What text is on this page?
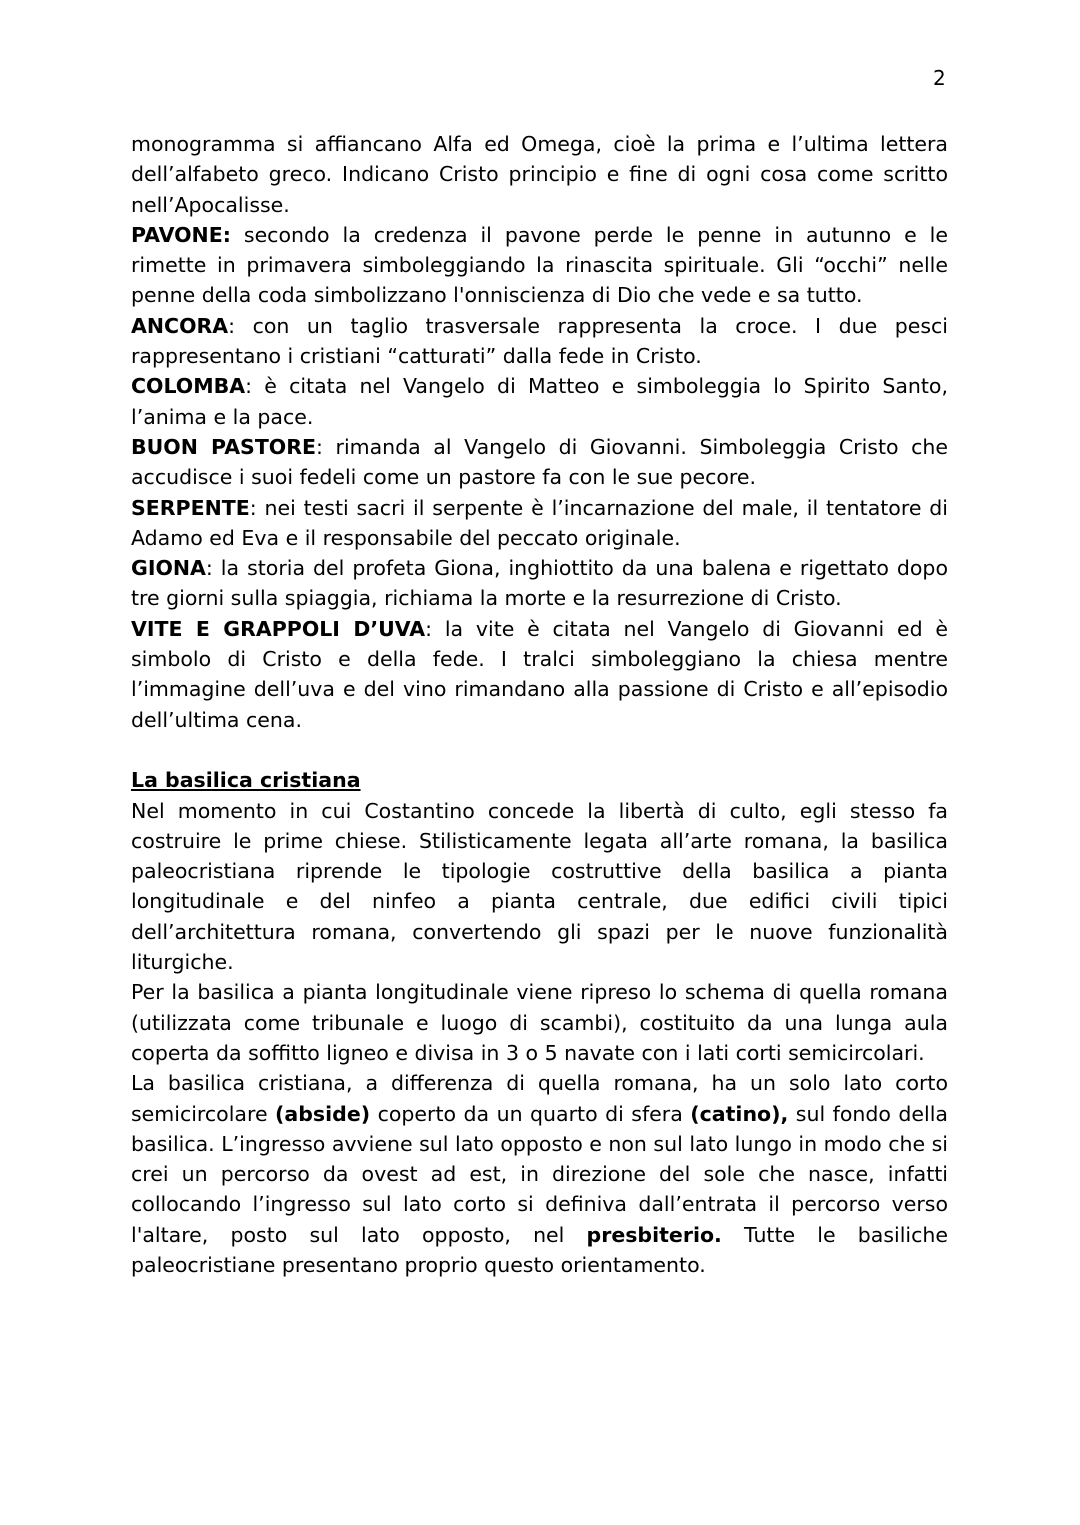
2

monogramma si affiancano Alfa ed Omega, cioè la prima e l’ultima lettera dell’alfabeto greco. Indicano Cristo principio e fine di ogni cosa come scritto nell’Apocalisse.

PAVONE: secondo la credenza il pavone perde le penne in autunno e le rimette in primavera simboleggiando la rinascita spirituale. Gli “occhi” nelle penne della coda simbolizzano l'onniscienza di Dio che vede e sa tutto.

ANCORA: con un taglio trasversale rappresenta la croce. I due pesci rappresentano i cristiani “catturati” dalla fede in Cristo.

COLOMBA: è citata nel Vangelo di Matteo e simboleggia lo Spirito Santo, l’anima e la pace.

BUON PASTORE: rimanda al Vangelo di Giovanni. Simboleggia Cristo che accudisce i suoi fedeli come un pastore fa con le sue pecore.

SERPENTE: nei testi sacri il serpente è l’incarnazione del male, il tentatore di Adamo ed Eva e il responsabile del peccato originale.

GIONA: la storia del profeta Giona, inghiottito da una balena e rigettato dopo tre giorni sulla spiaggia, richiama la morte e la resurrezione di Cristo.

VITE E GRAPPOLI D’UVA: la vite è citata nel Vangelo di Giovanni ed è simbolo di Cristo e della fede. I tralci simboleggiano la chiesa mentre l’immagine dell’uva e del vino rimandano alla passione di Cristo e all’episodio dell’ultima cena.

La basilica cristiana

Nel momento in cui Costantino concede la libertà di culto, egli stesso fa costruire le prime chiese. Stilisticamente legata all’arte romana, la basilica paleocristiana riprende le tipologie costruttive della basilica a pianta longitudinale e del ninfeo a pianta centrale, due edifici civili tipici dell’architettura romana, convertendo gli spazi per le nuove funzionalità liturgiche.

Per la basilica a pianta longitudinale viene ripreso lo schema di quella romana (utilizzata come tribunale e luogo di scambi), costituito da una lunga aula coperta da soffitto ligneo e divisa in 3 o 5 navate con i lati corti semicircolari.

La basilica cristiana, a differenza di quella romana, ha un solo lato corto semicircolare (abside) coperto da un quarto di sfera (catino), sul fondo della basilica. L’ingresso avviene sul lato opposto e non sul lato lungo in modo che si crei un percorso da ovest ad est, in direzione del sole che nasce, infatti collocando l’ingresso sul lato corto si definiva dall’entrata il percorso verso l'altare, posto sul lato opposto, nel presbiterio. Tutte le basiliche paleocristiane presentano proprio questo orientamento.
